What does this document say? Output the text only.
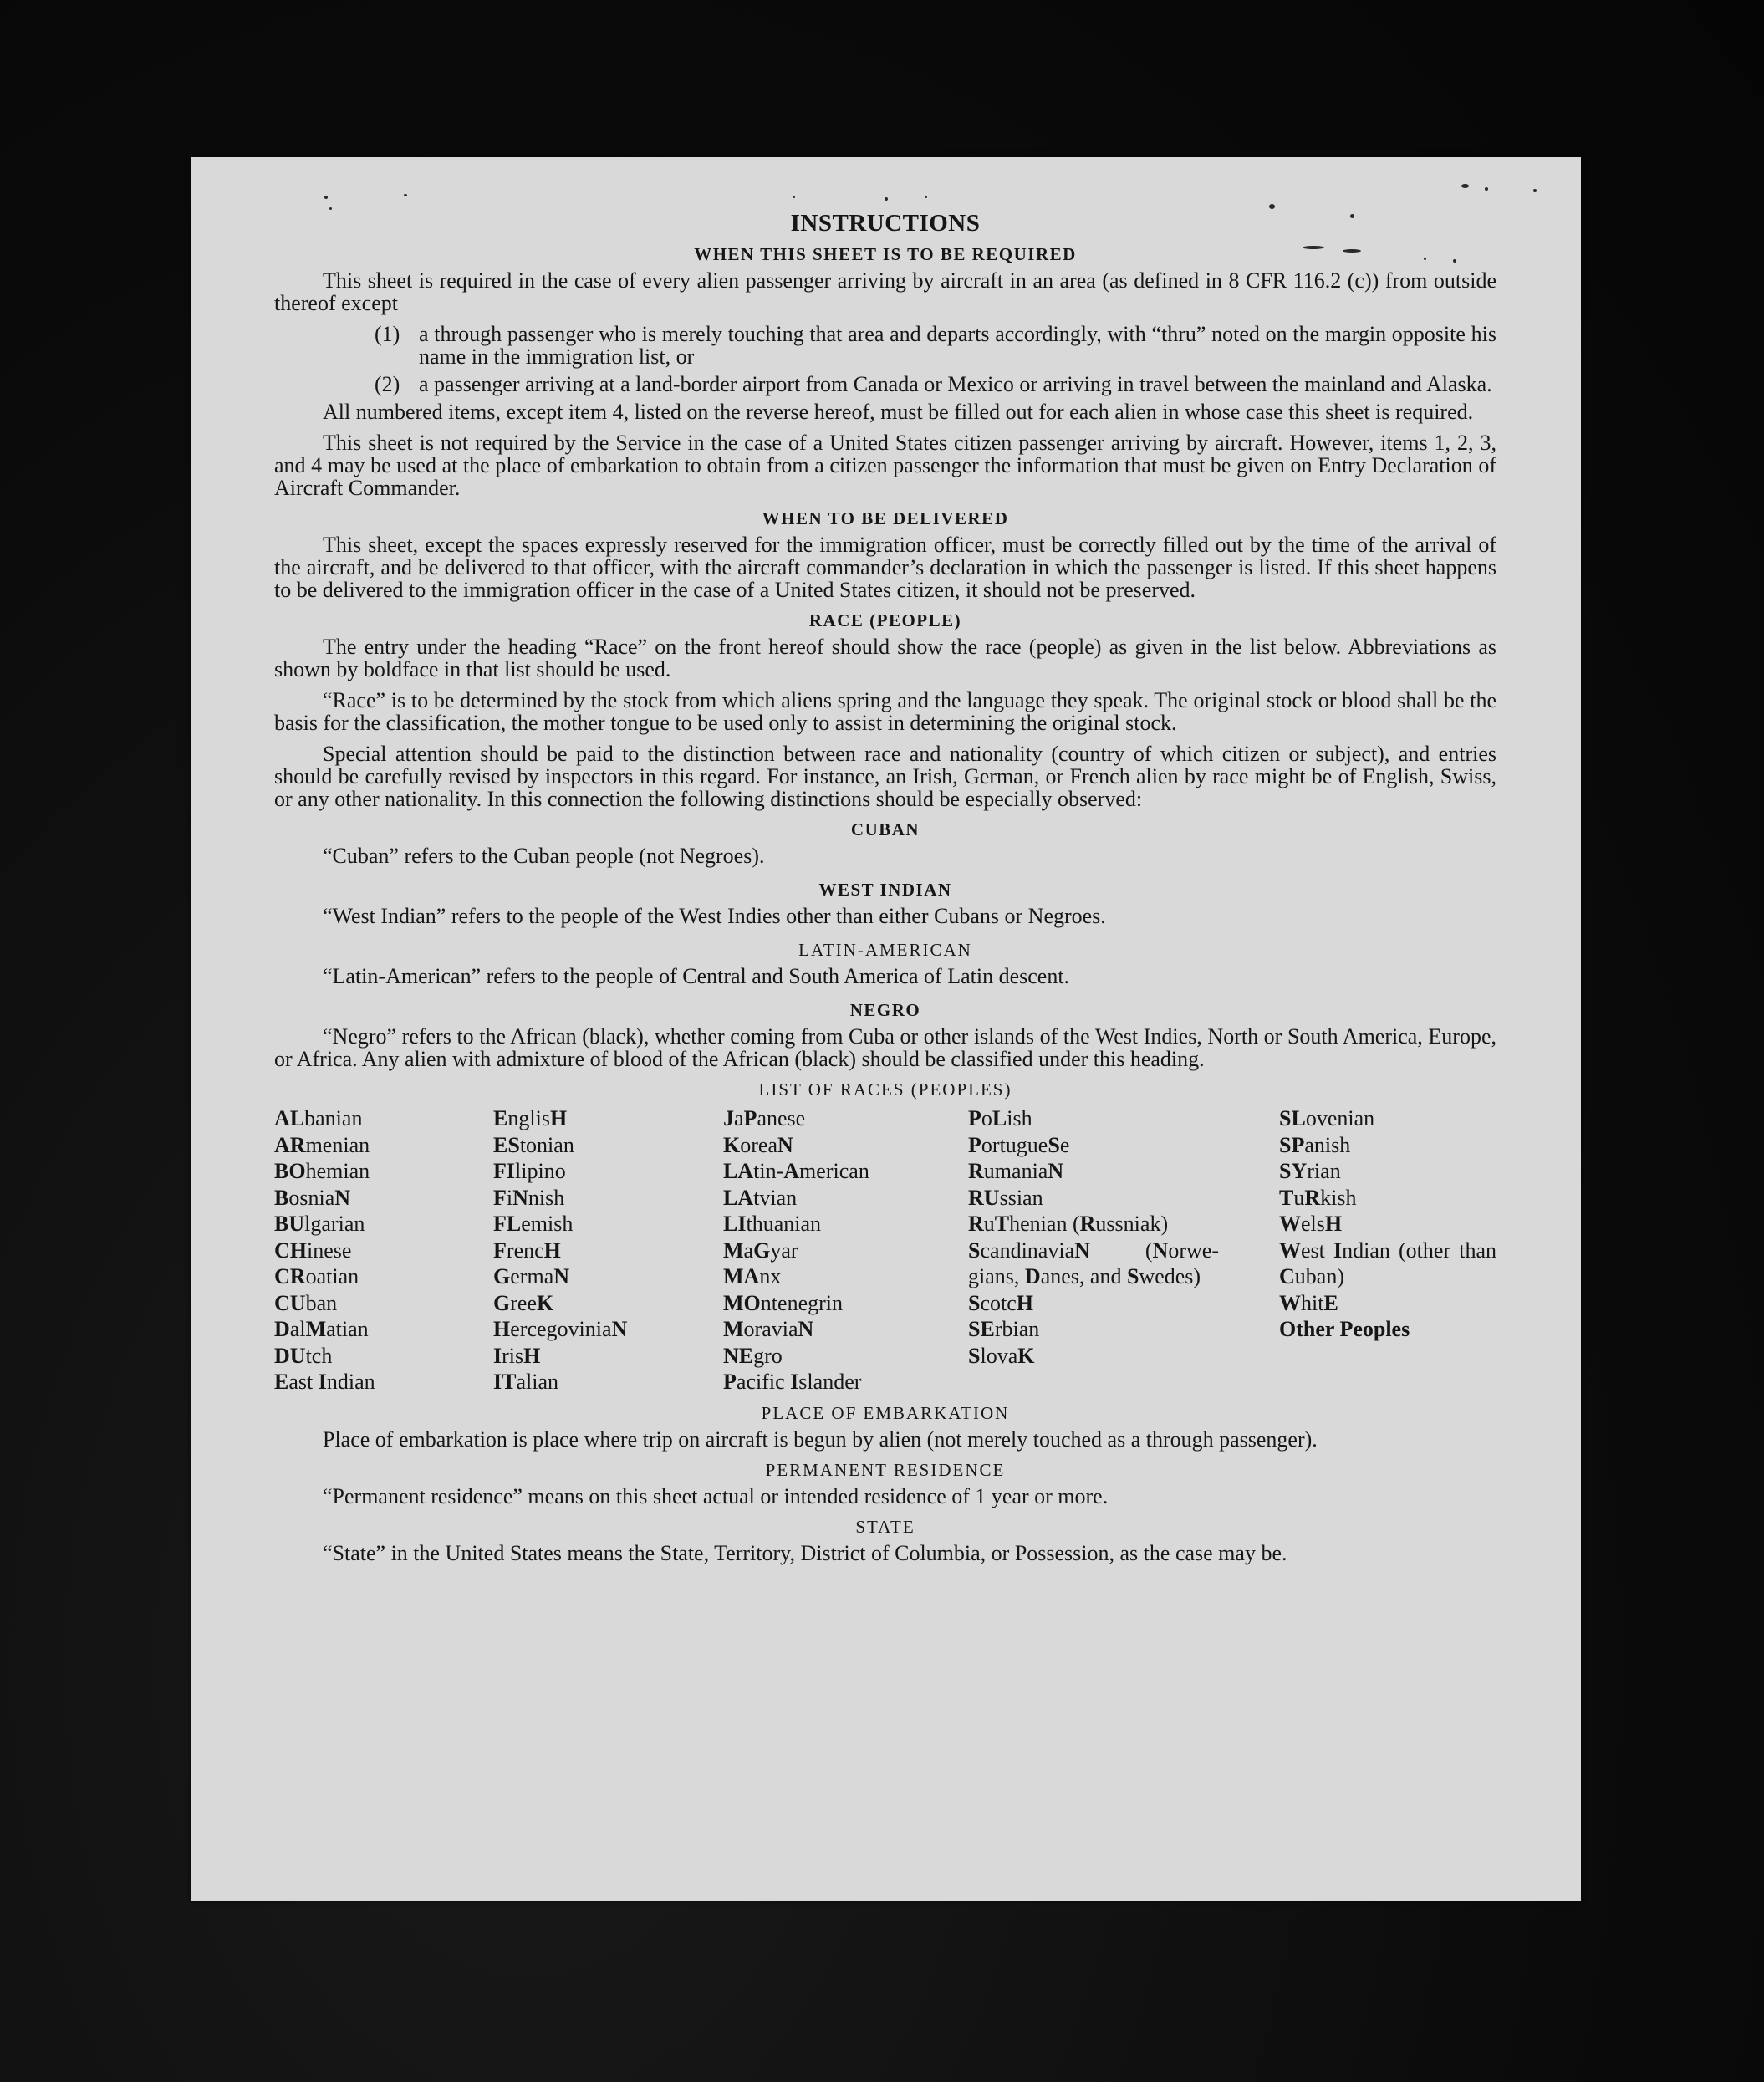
INSTRUCTIONS
WHEN THIS SHEET IS TO BE REQUIRED
This sheet is required in the case of every alien passenger arriving by aircraft in an area (as defined in 8 CFR 116.2 (c)) from outside thereof except
(1) a through passenger who is merely touching that area and departs accordingly, with “thru” noted on the margin opposite his name in the immigration list, or
(2) a passenger arriving at a land-border airport from Canada or Mexico or arriving in travel between the mainland and Alaska.
All numbered items, except item 4, listed on the reverse hereof, must be filled out for each alien in whose case this sheet is required.
This sheet is not required by the Service in the case of a United States citizen passenger arriving by aircraft. However, items 1, 2, 3, and 4 may be used at the place of embarkation to obtain from a citizen passenger the information that must be given on Entry Declaration of Aircraft Commander.
WHEN TO BE DELIVERED
This sheet, except the spaces expressly reserved for the immigration officer, must be correctly filled out by the time of the arrival of the aircraft, and be delivered to that officer, with the aircraft commander’s declaration in which the passenger is listed. If this sheet happens to be delivered to the immigration officer in the case of a United States citizen, it should not be preserved.
RACE (PEOPLE)
The entry under the heading “Race” on the front hereof should show the race (people) as given in the list below. Abbreviations as shown by boldface in that list should be used.
“Race” is to be determined by the stock from which aliens spring and the language they speak. The original stock or blood shall be the basis for the classification, the mother tongue to be used only to assist in determining the original stock.
Special attention should be paid to the distinction between race and nationality (country of which citizen or subject), and entries should be carefully revised by inspectors in this regard. For instance, an Irish, German, or French alien by race might be of English, Swiss, or any other nationality. In this connection the following distinctions should be especially observed:
CUBAN
“Cuban” refers to the Cuban people (not Negroes).
WEST INDIAN
“West Indian” refers to the people of the West Indies other than either Cubans or Negroes.
LATIN-AMERICAN
“Latin-American” refers to the people of Central and South America of Latin descent.
NEGRO
“Negro” refers to the African (black), whether coming from Cuba or other islands of the West Indies, North or South America, Europe, or Africa. Any alien with admixture of blood of the African (black) should be classified under this heading.
LIST OF RACES (PEOPLES)
ALbanian
ARmenian
BOhemian
BosniaN
BUlgarian
CHinese
CRoatian
CUban
DalMatian
DUtch
East Indian
EnglisH
EStonian
FIlipino
FiNnish
FLemish
FrencH
GermaN
GreeK
HercegoviniaN
IrisH
ITalian
JaPanese
KoreaN
LAtin-American
LAtvian
LIthuanian
MaGyar
MAnx
MOntenegrin
MoraviaN
NEgro
Pacific Islander
PoLish
PortugueSe
RumaniaN
RUssian
RuThenian (Russniak)
ScandinaviaN	(Norwe-gians, Danes, and Swedes)
ScotcH
SErbian
SlovaK
SLovenian
SPanish
SYrian
TuRkish
WelsH
West Indian (other than Cuban)
WhitE
Other Peoples
PLACE OF EMBARKATION
Place of embarkation is place where trip on aircraft is begun by alien (not merely touched as a through passenger).
PERMANENT RESIDENCE
“Permanent residence” means on this sheet actual or intended residence of 1 year or more.
STATE
“State” in the United States means the State, Territory, District of Columbia, or Possession, as the case may be.
